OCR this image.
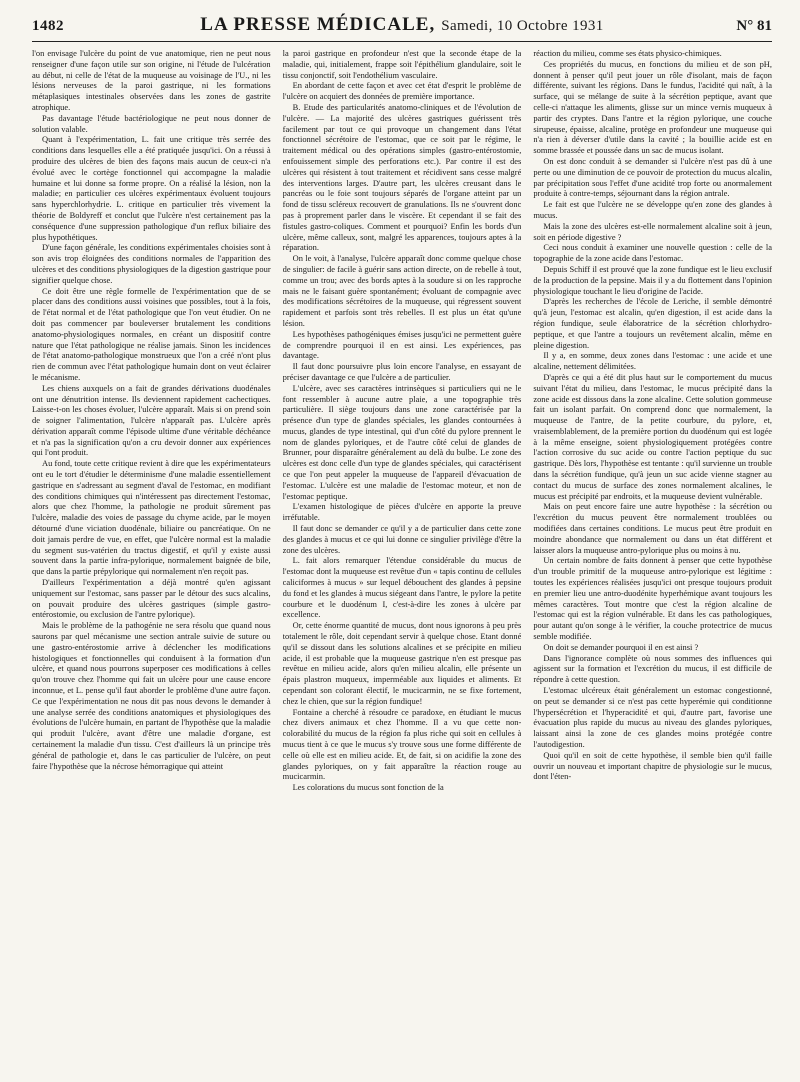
1482	LA PRESSE MÉDICALE, Samedi, 10 Octobre 1931	N° 81

l'on envisage l'ulcère du point de vue anatomique, rien ne peut nous renseigner d'une façon utile sur son origine, ni l'étude de l'ulcération au début, ni celle de l'état de la muqueuse au voisinage de l'U., ni les lésions nerveuses de la paroi gastrique, ni les formations métaplasiques intestinales observées dans les zones de gastrite atrophique.

Pas davantage l'étude bactériologique ne peut nous donner de solution valable.

Quant à l'expérimentation, L. fait une critique très serrée des conditions dans lesquelles elle a été pratiquée jusqu'ici. On a réussi à produire des ulcères de bien des façons mais aucun de ceux-ci n'a évolué avec le cortège fonctionnel qui accompagne la maladie humaine et lui donne sa forme propre. On a réalisé la lésion, non la maladie; en particulier ces ulcères expérimentaux évoluent toujours sans hyperchlorhydrie. L. critique en particulier très vivement la théorie de Boldyreff et conclut que l'ulcère n'est certainement pas la conséquence d'une suppression pathologique d'un reflux biliaire des plus hypothétiques.

D'une façon générale, les conditions expérimentales choisies sont à son avis trop éloignées des conditions normales de l'apparition des ulcères et des conditions physiologiques de la digestion gastrique pour signifier quelque chose.

Ce doit être une règle formelle de l'expérimentation que de se placer dans des conditions aussi voisines que possibles, tout à la fois, de l'état normal et de l'état pathologique que l'on veut étudier. On ne doit pas commencer par bouleverser brutalement les conditions anatomo-physiologiques normales, en créant un dispositif contre nature que l'état pathologique ne réalise jamais. Sinon les incidences de l'état anatomo-pathologique monstrueux que l'on a créé n'ont plus rien de commun avec l'état pathologique humain dont on veut éclairer le mécanisme.

Les chiens auxquels on a fait de grandes dérivations duodénales ont une dénutrition intense. Ils deviennent rapidement cachectiques. Laisse-t-on les choses évoluer, l'ulcère apparaît. Mais si on prend soin de soigner l'alimentation, l'ulcère n'apparaît pas. L'ulcère après dérivation apparaît comme l'épisode ultime d'une véritable déchéance et n'a pas la signification qu'on a cru devoir donner aux expériences qui l'ont produit.

Au fond, toute cette critique revient à dire que les expérimentateurs ont eu le tort d'étudier le déterminisme d'une maladie essentiellement gastrique en s'adressant au segment d'aval de l'estomac, en modifiant des conditions chimiques qui n'intéressent pas directement l'estomac, alors que chez l'homme, la pathologie ne produit sûrement pas l'ulcère, maladie des voies de passage du chyme acide, par le moyen détourné d'une viciation duodénale, biliaire ou pancréatique. On ne doit jamais perdre de vue, en effet, que l'ulcère normal est la maladie du segment sus-vatérien du tractus digestif, et qu'il y existe aussi souvent dans la partie infra-pylorique, normalement baignée de bile, que dans la partie prépylorique qui normalement n'en reçoit pas.

D'ailleurs l'expérimentation a déjà montré qu'en agissant uniquement sur l'estomac, sans passer par le détour des sucs alcalins, on pouvait produire des ulcères gastriques (simple gastro-entérostomie, ou exclusion de l'antre pylorique).

Mais le problème de la pathogénie ne sera résolu que quand nous saurons par quel mécanisme une section antrale suivie de suture ou une gastro-entérostomie arrive à déclencher les modifications histologiques et fonctionnelles qui conduisent à la formation d'un ulcère, et quand nous pourrons superposer ces modifications à celles qu'on trouve chez l'homme qui fait un ulcère pour une cause encore inconnue, et L. pense qu'il faut aborder le problème d'une autre façon. Ce que l'expérimentation ne nous dit pas nous devons le demander à une analyse serrée des conditions anatomiques et physiologiques des évolutions de l'ulcère humain, en partant de l'hypothèse que la maladie qui produit l'ulcère, avant d'être une maladie d'organe, est certainement la maladie d'un tissu. C'est d'ailleurs là un principe très général de pathologie et, dans le cas particulier de l'ulcère, on peut faire l'hypothèse que la nécrose hémorragique qui atteint

la paroi gastrique en profondeur n'est que la seconde étape de la maladie, qui, initialement, frappe soit l'épithélium glandulaire, soit le tissu conjonctif, soit l'endothélium vasculaire.

En abordant de cette façon et avec cet état d'esprit le problème de l'ulcère on acquiert des données de première importance.

B. Etude des particularités anatomo-cliniques et de l'évolution de l'ulcère. — La majorité des ulcères gastriques guérissent très facilement par tout ce qui provoque un changement dans l'état fonctionnel sécrétoire de l'estomac, que ce soit par le régime, le traitement médical ou des opérations simples (gastro-entérostomie, enfouissement simple des perforations etc.). Par contre il est des ulcères qui résistent à tout traitement et récidivent sans cesse malgré des interventions larges. D'autre part, les ulcères creusant dans le pancréas ou le foie sont toujours séparés de l'organe atteint par un fond de tissu scléreux recouvert de granulations. Ils ne s'ouvrent donc pas à proprement parler dans le viscère. Et cependant il se fait des fistules gastro-coliques. Comment et pourquoi? Enfin les bords d'un ulcère, même calleux, sont, malgré les apparences, toujours aptes à la réparation.

On le voit, à l'analyse, l'ulcère apparaît donc comme quelque chose de singulier: de facile à guérir sans action directe, on de rebelle à tout, comme un trou; avec des bords aptes à la soudure si on les rapproche mais ne le faisant guère spontanément; évoluant de compagnie avec des modifications sécrétoires de la muqueuse, qui régressent souvent rapidement et parfois sont très rebelles. Il est plus un état qu'une lésion.

Les hypothèses pathogéniques émises jusqu'ici ne permettent guère de comprendre pourquoi il en est ainsi. Les expériences, pas davantage.

Il faut donc poursuivre plus loin encore l'analyse, en essayant de préciser davantage ce que l'ulcère a de particulier.

L'ulcère, avec ses caractères intrinsèques si particuliers qui ne le font ressembler à aucune autre plaie, a une topographie très particulière. Il siège toujours dans une zone caractérisée par la présence d'un type de glandes spéciales, les glandes contournées à mucus, glandes de type intestinal, qui d'un côté du pylore prennent le nom de glandes pyloriques, et de l'autre côté celui de glandes de Brunner, pour disparaître généralement au delà du bulbe. Le zone des ulcères est donc celle d'un type de glandes spéciales, qui caractérisent ce que l'on peut appeler la muqueuse de l'appareil d'évacuation de l'estomac. L'ulcère est une maladie de l'estomac moteur, et non de l'estomac peptique.

L'examen histologique de pièces d'ulcère en apporte la preuve irréfutable.

Il faut donc se demander ce qu'il y a de particulier dans cette zone des glandes à mucus et ce qui lui donne ce singulier privilège d'être la zone des ulcères.

L. fait alors remarquer l'étendue considérable du mucus de l'estomac dont la muqueuse est revêtue d'un « tapis continu de cellules caliciformes à mucus » sur lequel débouchent des glandes à pepsine du fond et les glandes à mucus siégeant dans l'antre, le pylore la petite courbure et le duodénum I, c'est-à-dire les zones à ulcère par excellence.

Or, cette énorme quantité de mucus, dont nous ignorons à peu près totalement le rôle, doit cependant servir à quelque chose. Etant donné qu'il se dissout dans les solutions alcalines et se précipite en milieu acide, il est probable que la muqueuse gastrique n'en est presque pas revêtue en milieu acide, alors qu'en milieu alcalin, elle présente un épais plastron muqueux, imperméable aux liquides et aliments. Et cependant son colorant électif, le mucicarmin, ne se fixe fortement, chez le chien, que sur la région fundique!

Fontaine a cherché à résoudre ce paradoxe, en étudiant le mucus chez divers animaux et chez l'homme. Il a vu que cette non-colorabilité du mucus de la région fa plus riche qui soit en cellules à mucus tient à ce que le mucus s'y trouve sous une forme différente de celle où elle est en milieu acide. Et, de fait, si on acidifie la zone des glandes pyloriques, on y fait apparaître la réaction rouge au mucicarmin.

Les colorations du mucus sont fonction de la

réaction du milieu, comme ses états physico-chimiques.

Ces propriétés du mucus, en fonctions du milieu et de son pH, donnent à penser qu'il peut jouer un rôle d'isolant, mais de façon différente, suivant les régions. Dans le fundus, l'acidité qui naît, à la surface, qui se mélange de suite à la sécrétion peptique, avant que celle-ci n'attaque les aliments, glisse sur un mince vernis muqueux à partir des cryptes. Dans l'antre et la région pylorique, une couche sirupeuse, épaisse, alcaline, protège en profondeur une muqueuse qui n'a rien à déverser d'utile dans la cavité ; la bouillie acide est en somme brassée et poussée dans un sac de mucus isolant.

On est donc conduit à se demander si l'ulcère n'est pas dû à une perte ou une diminution de ce pouvoir de protection du mucus alcalin, par précipitation sous l'effet d'une acidité trop forte ou anormalement produite à contre-temps, séjournant dans la région antrale.

Le fait est que l'ulcère ne se développe qu'en zone des glandes à mucus.

Mais la zone des ulcères est-elle normalement alcaline soit à jeun, soit en période digestive ?

Ceci nous conduit à examiner une nouvelle question : celle de la topographie de la zone acide dans l'estomac.

Depuis Schiff il est prouvé que la zone fundique est le lieu exclusif de la production de la pepsine. Mais il y a du flottement dans l'opinion physiologique touchant le lieu d'origine de l'acide.

D'après les recherches de l'école de Leriche, il semble démontré qu'à jeun, l'estomac est alcalin, qu'en digestion, il est acide dans la région fundique, seule élaboratrice de la sécrétion chlorhydro-peptique, et que l'antre a toujours un revêtement alcalin, même en pleine digestion.

Il y a, en somme, deux zones dans l'estomac : une acide et une alcaline, nettement délimitées.

D'après ce qui a été dit plus haut sur le comportement du mucus suivant l'état du milieu, dans l'estomac, le mucus précipité dans la zone acide est dissous dans la zone alcaline. Cette solution gommeuse fait un isolant parfait. On comprend donc que normalement, la muqueuse de l'antre, de la petite courbure, du pylore, et, vraisemblablement, de la première portion du duodénum qui est logée à la même enseigne, soient physiologiquement protégées contre l'action corrosive du suc acide ou contre l'action peptique du suc gastrique. Dès lors, l'hypothèse est tentante : qu'il survienne un trouble dans la sécrétion fundique, qu'à jeun un suc acide vienne stagner au contact du mucus de surface des zones normalement alcalines, le mucus est précipité par endroits, et la muqueuse devient vulnérable.

Mais on peut encore faire une autre hypothèse : la sécrétion ou l'excrétion du mucus peuvent être normalement troublées ou modifiées dans certaines conditions. Le mucus peut être produit en moindre abondance que normalement ou dans un état différent et laisser alors la muqueuse antro-pylorique plus ou moins à nu.

Un certain nombre de faits donnent à penser que cette hypothèse d'un trouble primitif de la muqueuse antro-pylorique est légitime : toutes les expériences réalisées jusqu'ici ont presque toujours produit en premier lieu une antro-duodénite hyperhémique avant toujours les mêmes caractères. Tout montre que c'est la région alcaline de l'estomac qui est la région vulnérable. Et dans les cas pathologiques, pour autant qu'on songe à le vérifier, la couche protectrice de mucus semble modifiée.

On doit se demander pourquoi il en est ainsi ?

Dans l'ignorance complète où nous sommes des influences qui agissent sur la formation et l'excrétion du mucus, il est difficile de répondre à cette question.

L'estomac ulcéreux était généralement un estomac congestionné, on peut se demander si ce n'est pas cette hyperémie qui conditionne l'hypersécrétion et l'hyperacidité et qui, d'autre part, favorise une évacuation plus rapide du mucus au niveau des glandes pyloriques, laissant ainsi la zone de ces glandes moins protégée contre l'autodigestion.

Quoi qu'il en soit de cette hypothèse, il semble bien qu'il faille ouvrir un nouveau et important chapitre de physiologie sur le mucus, dont l'éten-
